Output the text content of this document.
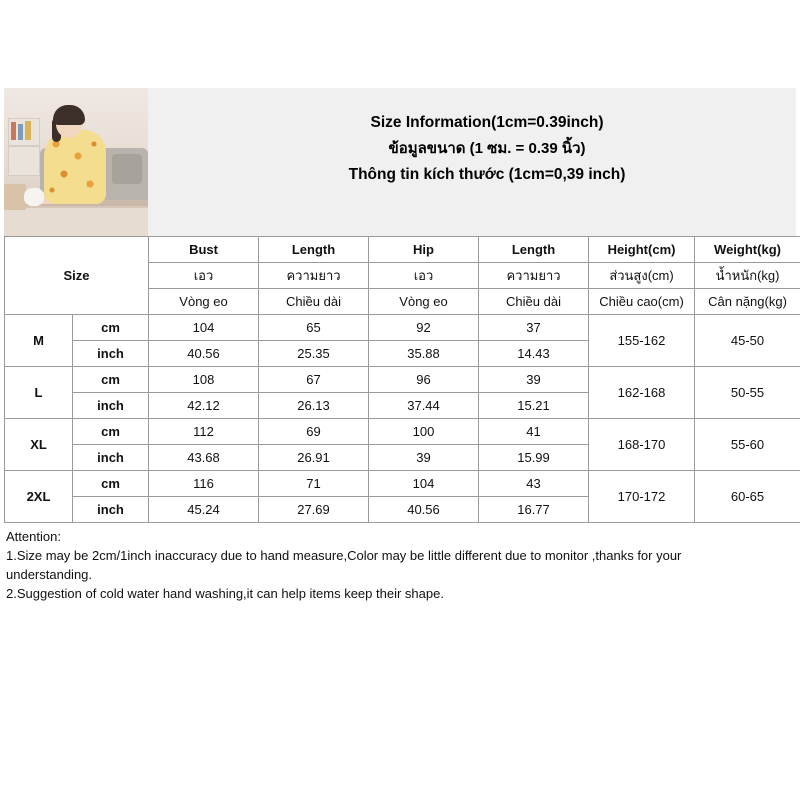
Size Information(1cm=0.39inch)
ข้อมูลขนาด (1 ซม. = 0.39 นิ้ว)
Thông tin kích thước (1cm=0,39 inch)
Size		Bust	Length	Hip	Length	Height(cm)	Weight(kg)
		เอว	ความยาว	เอว	ความยาว	ส่วนสูง(cm)	น้ำหนัก(kg)
		Vòng eo	Chiều dài	Vòng eo	Chiều dài	Chiều cao(cm)	Cân nặng(kg)
M	cm	104	65	92	37	155-162	45-50
	inch	40.56	25.35	35.88	14.43		
L	cm	108	67	96	39	162-168	50-55
	inch	42.12	26.13	37.44	15.21		
XL	cm	112	69	100	41	168-170	55-60
	inch	43.68	26.91	39	15.99		
2XL	cm	116	71	104	43	170-172	60-65
	inch	45.24	27.69	40.56	16.77		
Attention:
1.Size may be 2cm/1inch inaccuracy due to hand measure,Color may be little different due to monitor ,thanks for your
understanding.
2.Suggestion of cold water hand washing,it can help items keep their shape.
